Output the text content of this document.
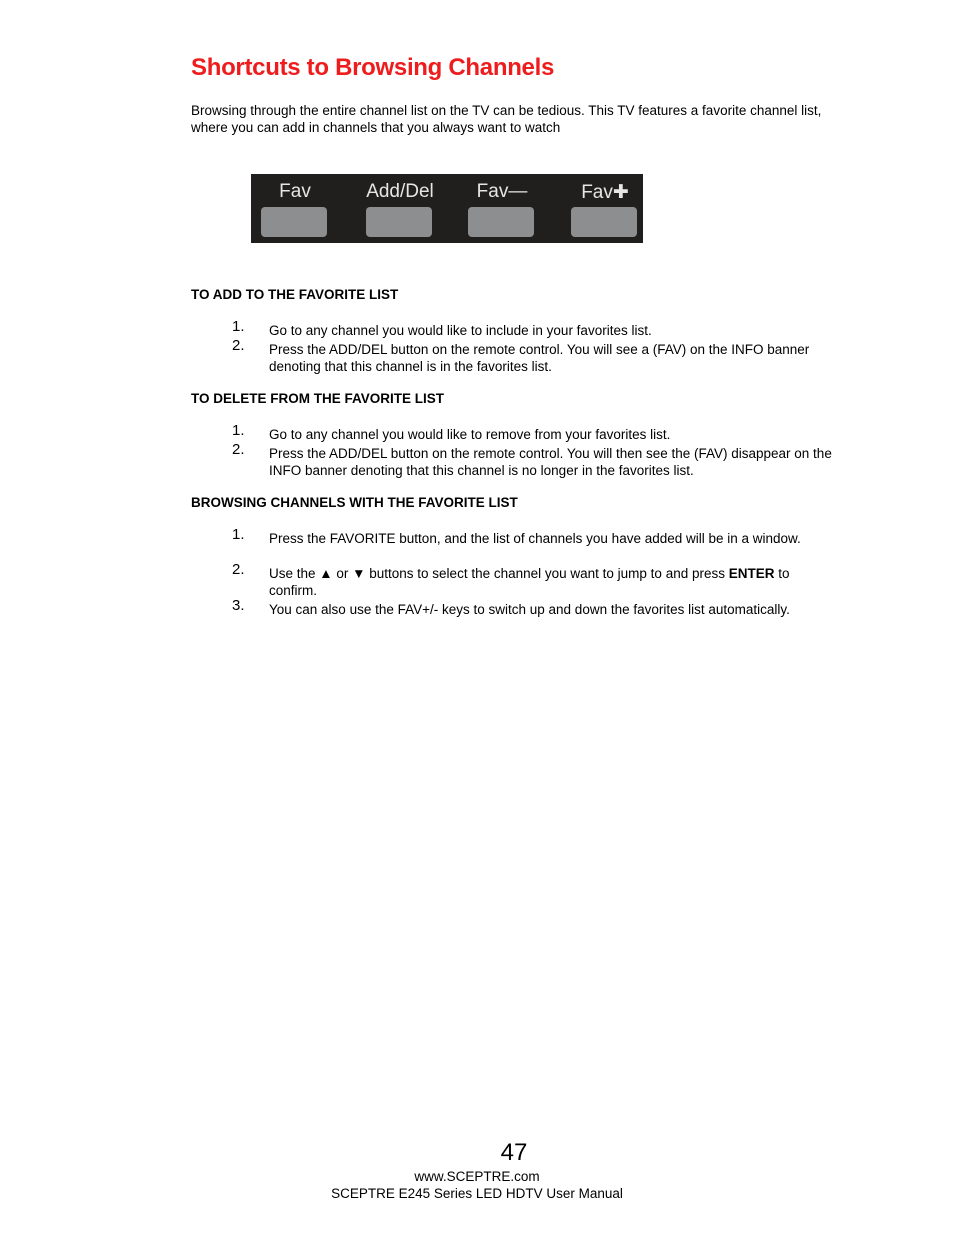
Shortcuts to Browsing Channels

Browsing through the entire channel list on the TV can be tedious. This TV features a favorite channel list, where you can add in channels that you always want to watch

Fav	Add/Del	Fav—	Fav✚
TO ADD TO THE FAVORITE LIST
1.	Go to any channel you would like to include in your favorites list.
2.	Press the ADD/DEL button on the remote control. You will see a (FAV) on the INFO banner denoting that this channel is in the favorites list.
TO DELETE FROM THE FAVORITE LIST
1.	Go to any channel you would like to remove from your favorites list.
2.	Press the ADD/DEL button on the remote control. You will then see the (FAV) disappear on the INFO banner denoting that this channel is no longer in the favorites list.
BROWSING CHANNELS WITH THE FAVORITE LIST
1.	Press the FAVORITE button, and the list of channels you have added will be in a window.
2.	Use the ▲ or ▼ buttons to select the channel you want to jump to and press ENTER to confirm.
3.	You can also use the FAV+/- keys to switch up and down the favorites list automatically.
47
www.SCEPTRE.com
SCEPTRE E245 Series LED HDTV User Manual
